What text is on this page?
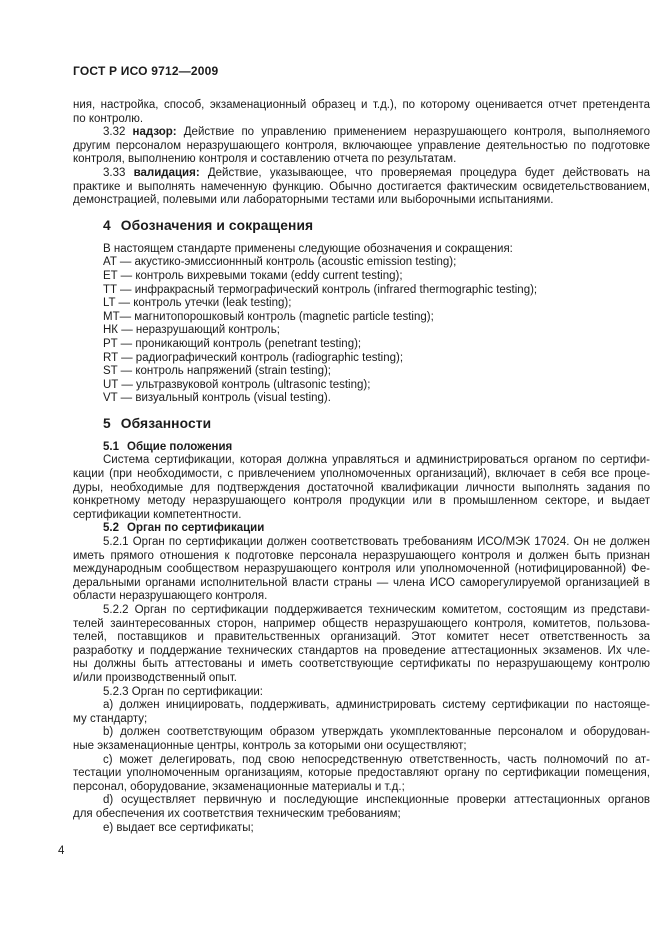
ГОСТ Р ИСО 9712—2009
ния, настройка, способ, экзаменационный образец и т.д.), по которому оценивается отчет претендента
по контролю.
3.32 надзор: Действие по управлению применением неразрушающего контроля, выполняемого
другим персоналом неразрушающего контроля, включающее управление деятельностью по подготовке
контроля, выполнению контроля и составлению отчета по результатам.
3.33 валидация: Действие, указывающее, что проверяемая процедура будет действовать на
практике и выполнять намеченную функцию. Обычно достигается фактическим освидетельствованием,
демонстрацией, полевыми или лабораторными тестами или выборочными испытаниями.
4 Обозначения и сокращения
В настоящем стандарте применены следующие обозначения и сокращения:
AT — акустико-эмиссионнный контроль (acoustic emission testing);
ET — контроль вихревыми токами (eddy current testing);
TT — инфракрасный термографический контроль (infrared thermographic testing);
LT — контроль утечки (leak testing);
MT— магнитопорошковый контроль (magnetic particle testing);
НК — неразрушающий контроль;
PT — проникающий контроль (penetrant testing);
RT — радиографический контроль (radiographic testing);
ST — контроль напряжений (strain testing);
UT — ультразвуковой контроль (ultrasonic testing);
VT — визуальный контроль (visual testing).
5 Обязанности
5.1 Общие положения
Система сертификации, которая должна управляться и администрироваться органом по сертифи-
кации (при необходимости, с привлечением уполномоченных организаций), включает в себя все проце-
дуры, необходимые для подтверждения достаточной квалификации личности выполнять задания по
конкретному методу неразрушающего контроля продукции или в промышленном секторе, и выдает
сертификации компетентности.
5.2 Орган по сертификации
5.2.1 Орган по сертификации должен соответствовать требованиям ИСО/МЭК 17024. Он не должен
иметь прямого отношения к подготовке персонала неразрушающего контроля и должен быть признан
международным сообществом неразрушающего контроля или уполномоченной (нотифицированной) Фе-
деральными органами исполнительной власти страны — члена ИСО саморегулируемой организацией в
области неразрушающего контроля.
5.2.2 Орган по сертификации поддерживается техническим комитетом, состоящим из представи-
телей заинтересованных сторон, например обществ неразрушающего контроля, комитетов, пользова-
телей, поставщиков и правительственных организаций. Этот комитет несет ответственность за
разработку и поддержание технических стандартов на проведение аттестационных экзаменов. Их чле-
ны должны быть аттестованы и иметь соответствующие сертификаты по неразрушающему контролю
и/или производственный опыт.
5.2.3 Орган по сертификации:
a) должен инициировать, поддерживать, администрировать систему сертификации по настояще-
му стандарту;
b) должен соответствующим образом утверждать укомплектованные персоналом и оборудован-
ные экзаменационные центры, контроль за которыми они осуществляют;
c) может делегировать, под свою непосредственную ответственность, часть полномочий по ат-
тестации уполномоченным организациям, которые предоставляют органу по сертификации помещения,
персонал, оборудование, экзаменационные материалы и т.д.;
d) осуществляет первичную и последующие инспекционные проверки аттестационных органов
для обеспечения их соответствия техническим требованиям;
e) выдает все сертификаты;
4
